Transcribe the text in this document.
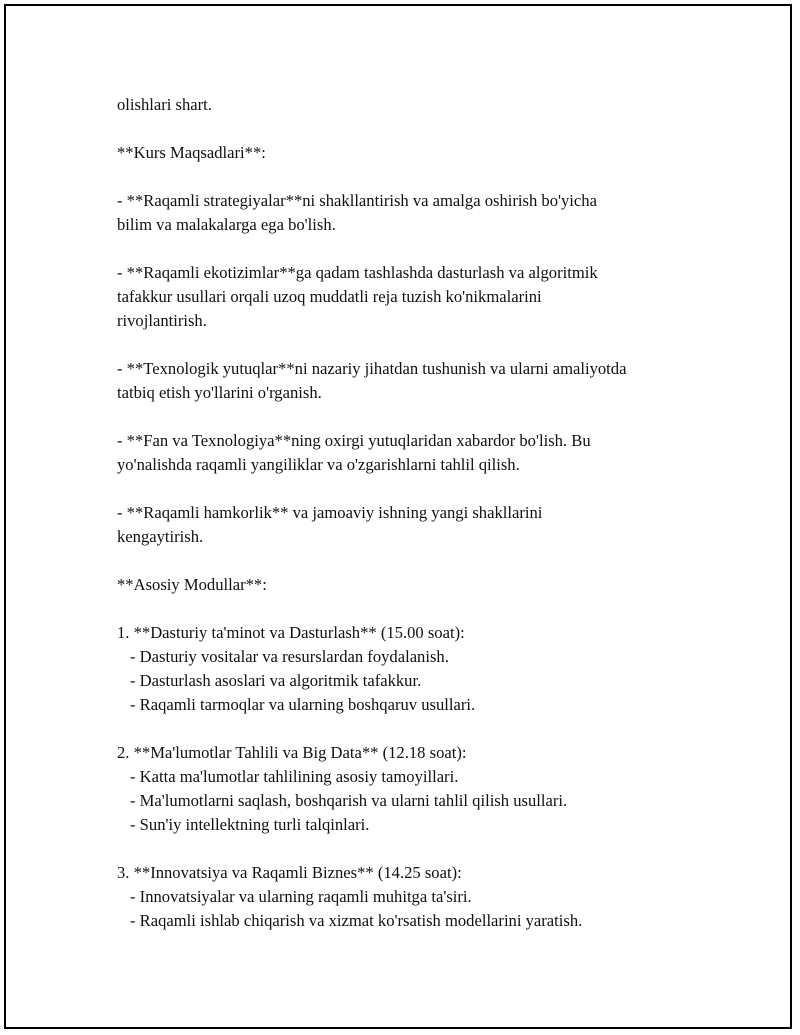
olishlari shart.

**Kurs Maqsadlari**:

- **Raqamli strategiyalar**ni shakllantirish va amalga oshirish bo'yicha
bilim va malakalarga ega bo'lish.

- **Raqamli ekotizimlar**ga qadam tashlashda dasturlash va algoritmik
tafakkur usullari orqali uzoq muddatli reja tuzish ko'nikmalarini
rivojlantirish.

- **Texnologik yutuqlar**ni nazariy jihatdan tushunish va ularni amaliyotda
tatbiq etish yo'llarini o'rganish.

- **Fan va Texnologiya**ning oxirgi yutuqlaridan xabardor bo'lish. Bu
yo'nalishda raqamli yangiliklar va o'zgarishlarni tahlil qilish.

- **Raqamli hamkorlik** va jamoaviy ishning yangi shakllarini
kengaytirish.

**Asosiy Modullar**:

1. **Dasturiy ta'minot va Dasturlash** (15.00 soat):

- Dasturiy vositalar va resurslardan foydalanish.

- Dasturlash asoslari va algoritmik tafakkur.

- Raqamli tarmoqlar va ularning boshqaruv usullari.

2. **Ma'lumotlar Tahlili va Big Data** (12.18 soat):

- Katta ma'lumotlar tahlilining asosiy tamoyillari.

- Ma'lumotlarni saqlash, boshqarish va ularni tahlil qilish usullari.

- Sun'iy intellektning turli talqinlari.

3. **Innovatsiya va Raqamli Biznes** (14.25 soat):

- Innovatsiyalar va ularning raqamli muhitga ta'siri.

- Raqamli ishlab chiqarish va xizmat ko'rsatish modellarini yaratish.
